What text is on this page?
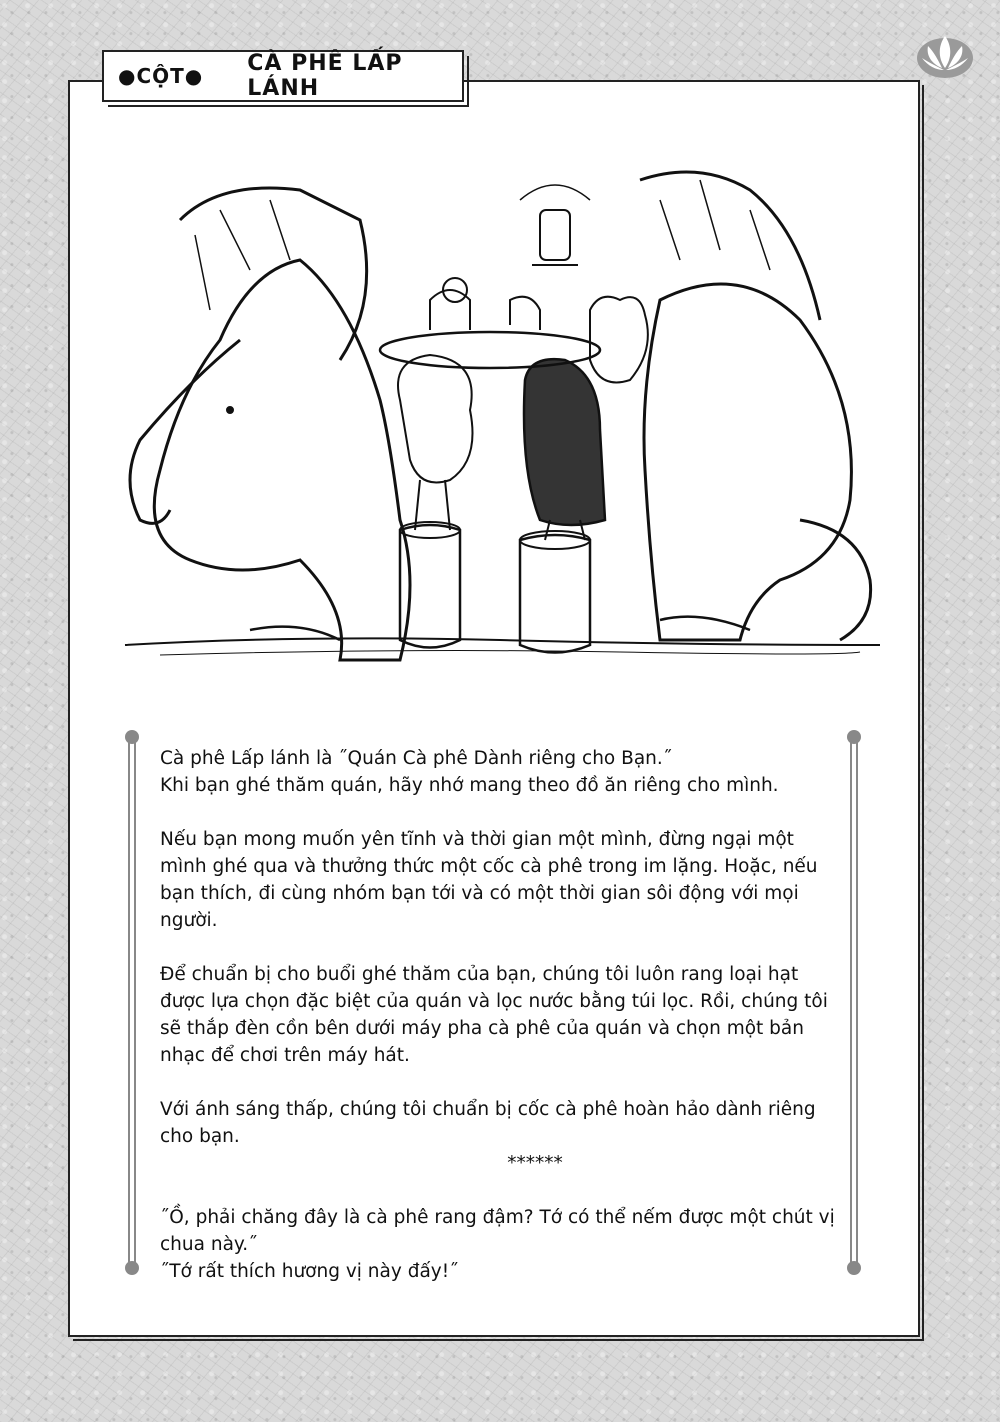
●CỘT●	CÀ PHÊ LẤP LÁNH

Cà phê Lấp lánh là ˝Quán Cà phê Dành riêng cho Bạn.˝
Khi bạn ghé thăm quán, hãy nhớ mang theo đồ ăn riêng cho mình.

Nếu bạn mong muốn yên tĩnh và thời gian một mình, đừng ngại một mình ghé qua và thưởng thức một cốc cà phê trong im lặng. Hoặc, nếu bạn thích, đi cùng nhóm bạn tới và có một thời gian sôi động với mọi người.

Để chuẩn bị cho buổi ghé thăm của bạn, chúng tôi luôn rang loại hạt được lựa chọn đặc biệt của quán và lọc nước bằng túi lọc. Rồi, chúng tôi sẽ thắp đèn cồn bên dưới máy pha cà phê của quán và chọn một bản nhạc để chơi trên máy hát.

Với ánh sáng thấp, chúng tôi chuẩn bị cốc cà phê hoàn hảo dành riêng cho bạn.

******

˝Ồ, phải chăng đây là cà phê rang đậm? Tớ có thể nếm được một chút vị chua này.˝

˝Tớ rất thích hương vị này đấy!˝
